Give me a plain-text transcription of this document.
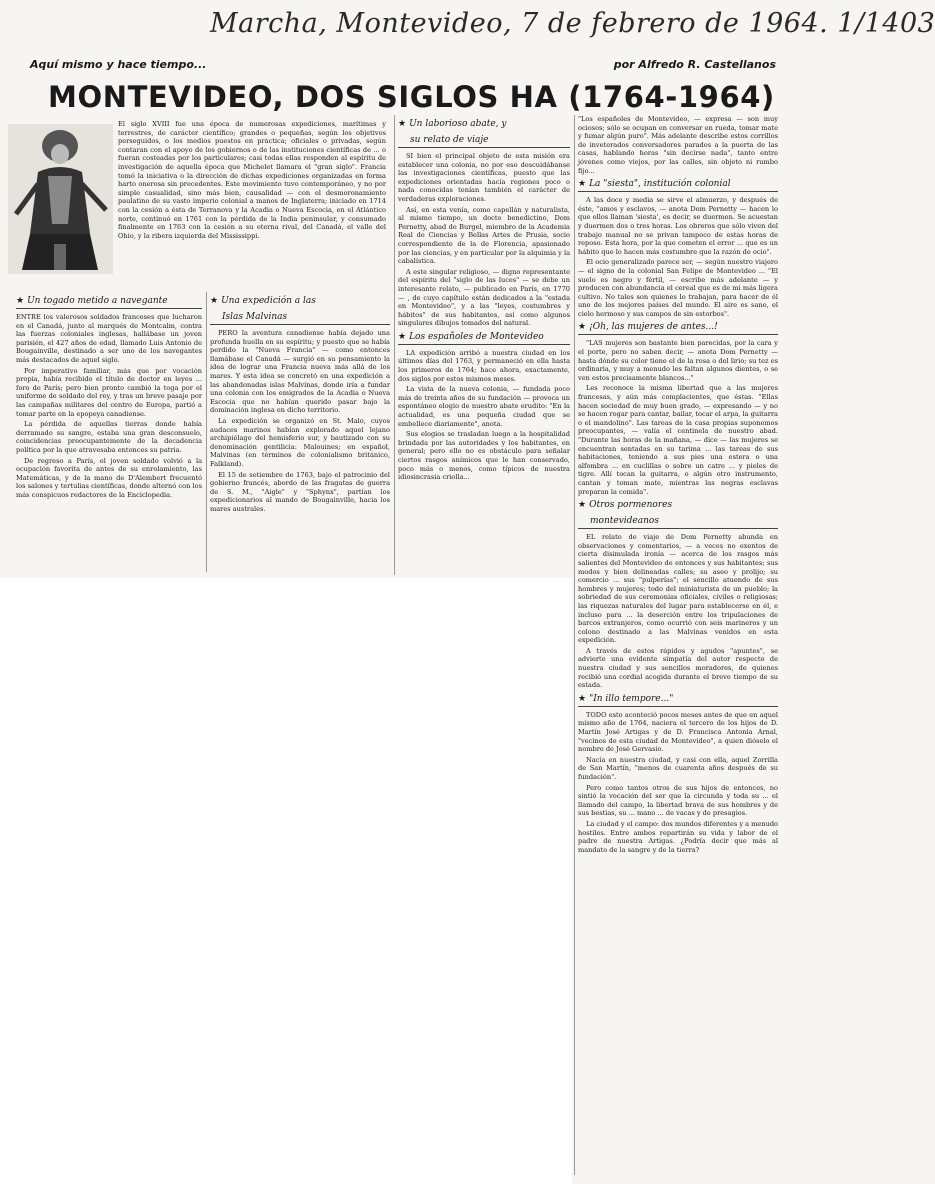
Marcha, Montevideo, 7 de febrero de 1964. 1/1403
Aquí mismo y hace tiempo...	por Alfredo R. Castellanos
MONTEVIDEO, DOS SIGLOS HA (1764-1964)
El siglo XVIII fue una época de numerosas expediciones, marítimas y terrestres, de carácter científico; grandes o pequeñas, según los objetivos perseguidos, o los medios puestos en práctica; oficiales o privadas, según contaran con el apoyo de los gobiernos o de las instituciones científicas de ... o fueran costeadas por los particulares; casi todas ellas responden al espíritu de investigación de aquella época que Michelet llamara el "gran siglo". Francia tomó la iniciativa o la dirección de dichas expediciones organizadas en forma harto onerosa sin precedentes. Este movimiento tuvo contemporáneo, y no por simple casualidad, sino más bien, causalidad — con el desmoronamiento paulatino de su vasto imperio colonial a manos de Inglaterra; iniciado en 1714 con la cesión a ésta de Terranova y la Acadia o Nueva Escocia, en el Atlántico norte, continuó en 1761 con la pérdida de la India peninsular, y consumado finalmente en 1763 con la cesión a su eterna rival, del Canadá, el valle del Ohio, y la ribera izquierda del Mississippi.
★ Un togado metido a navegante

ENTRE los valerosos soldados franceses que lucharon en el Canadá, junto al marqués de Montcalm, contra las fuerzas coloniales inglesas, hallábase un joven parisién, el 427 años de edad, llamado Luis Antonio de Bougainville, destinado a ser uno de los navegantes más destacados de aquel siglo.

Por imperativo familiar, más que por vocación propia, había recibido el título de doctor en leyes ... foro de París; pero bien pronto cambió la toga por el uniforme de soldado del rey, y tras un breve pasaje por las campañas militares del centro de Europa, partió a tomar parte en la epopeya canadiense.

La pérdida de aquellas tierras donde había derramado su sangre, estaba una gran desconsuelo, coincidencias preocupantemente de la decadencia política por la que atravesaba entonces su patria.

De regreso a París, el joven soldado volvió a la ocupación favorita de antes de su enrolamiento, las Matemáticas, y de la mano de D'Alembert frecuentó los salones y tertulias científicas, donde alternó con los más conspicuos redactores de la Enciclopedia.

★ Una expedición a las
Islas Malvinas

PERO la aventura canadiense había dejado una profunda huella en su espíritu; y puesto que se había perdido la "Nueva Francia" — como entonces llamábase el Canadá — surgió en su pensamiento la idea de lograr una Francia nueva más allá de los mares. Y esta idea se concretó en una expedición a las abandonadas islas Malvinas, donde iría a fundar una colonia con los emigrados de la Acadia o Nueva Escocia que no habían querido pasar bajo la dominación inglesa en dicho territorio.

La expedición se organizó en St. Malo, cuyos audaces marinos habían explorado aquel lejano archipiélago del hemisferio sur, y bautizado con su denominación gentilicia: Malouines; en español, Malvinas (en términos de colonialismo británico, Falkland).

El 15 de setiembre de 1763, bajo el patrocinio del gobierno francés, abordo de las fragatas de guerra de S. M., "Aigle" y "Sphynx", partían los expedicionarios al mando de Bougainville, hacia los mares australes.

★ Un laborioso abate, y
su relato de viaje

SI bien el principal objeto de esta misión era establecer una colonia, no por eso descuidábanse las investigaciones científicas, puesto que las expediciones orientadas hacia regiones poco o nada conocidas tenían también el carácter de verdaderas exploraciones.

Así, en esta venía, como capellán y naturalista, al mismo tiempo, un docto benedictino, Dom Pernetty, abad de Burgel, miembro de la Academia Real de Ciencias y Bellas Artes de Prusia, socio correspondiente de la de Florencia, apasionado por las ciencias, y en particular por la alquimia y la cabalística.

A este singular religioso, — digno representante del espíritu del "siglo de las luces" — se debe un interesante relato, — publicado en París, en 1770 — , de cuyo capítulo están dedicados a la "estada en Montevideo", y a las "leyes, costumbres y hábitos" de sus habitantes, así como algunos singulares dibujos tomados del natural.

★ Los españoles de Montevideo

LA expedición arribó a nuestra ciudad en los últimos días del 1763, y permaneció en ella hasta los primeros de 1764; hace ahora, exactamente, dos siglos por estos mismos meses.

La vista de la nueva colonia, — fundada poco más de treinta años de su fundación — provoca un espontáneo elogio de nuestro abate erudito: "En la actualidad, es una pequeña ciudad que se embellece diariamente", anota.

Sus elogios se trasladan luego a la hospitalidad brindada por las autoridades y los habitantes, en general; pero ello no es obstáculo para señalar ciertos rasgos anímicos que le han conservado, poco más o menos, como típicos de nuestra idiosincrasia criolla...

"Los españoles de Montevideo, — expresa — son muy ociosos; sólo se ocupan en conversar en rueda, tomar mate y fumar algún puro". Más adelante describe estos corrillos de inveterados conversadores parados a la puerta de las casas, hablando horas "sin decirse nada", tanto entre jóvenes como viejos, por las calles, sin objeto ni rumbo fijo...

★ La "siesta", institución colonial

A las doce y media se sirve el almuerzo, y después de éste, "amos y esclavos, — anota Dom Pernetty — hacen lo que ellos llaman 'siesta', es decir, se duermen. Se acuestan y duermen dos o tres horas. Los obreros que sólo viven del trabajo manual no se privan tampoco de estas horas de reposo. Esta hora, por la que cometen el error ... que es un hábito que lo hacen más costumbre que la razón de ocio".

El ocio generalizado parece ser, — según nuestro viajero — el signo de la colonial San Felipe de Montevideo ... "El suelo es negro y fértil, — escribe más adelante — y producen con abundancia el cereal que es de mi más ligera cultivo. No tales son quienes lo trabajan, para hacer de él uno de los mejores países del mundo. El aire es sano, el cielo hermoso y sus campos de sin estorbos".

★ ¡Oh, las mujeres de antes...!

"LAS mujeres son bastante bien parecidas, por la cara y el porte, pero no saben decir, — anota Dom Pernetty — hasta dónde su color tiene el de la rosa o del lirio; su tez es ordinaria, y muy a menudo les faltan algunos dientes, o se ven estos precisamente blancos..."

Les reconoce la misma libertad que a las mujeres francesas, y aún más complacientes, que éstas. "Ellas hacen sociedad de muy buen grado, — expresando — y no se hacen rogar para cantar, bailar, tocar el arpa, la guitarra o el mandolino". Las tareas de la casa propias suponemos preocupantes, — valía el centinela de nuestro abad. "Durante las horas de la mañana, — dice — las mujeres se encuentran sentadas en su tarima ... las tareas de sus habitaciones, teniendo a sus pies una estera o una alfombra ... en cuclillas o sobre un catre ... y pieles de tigre. Allí tocan la guitarra, o algún otro instrumento, cantan y toman mate, mientras las negras esclavas preparan la comida".

★ Otros pormenores
montevideanos

EL relato de viaje de Dom Pernetty abunda en observaciones y comentarios, — a veces no exentos de cierta disimulada ironía — acerca de los rasgos más salientes del Montevideo de entonces y sus habitantes; sus modos y bien delineadas calles; su aseo y prolijo; su comercio ... sus "pulperías"; el sencillo atuendo de sus hombres y mujeres; todo del miniaturista de un pueblo; la sobriedad de sus ceremonias oficiales, civiles o religiosas; las riquezas naturales del lugar para establecerse en él, e incluso para ... la deserción entre los tripulaciones de barcos extranjeros, como ocurrió con seis marineros y un colono destinado a las Malvinas venidos en esta expedición.

A través de estos rápidos y agudos "apuntes", se advierte una evidente simpatía del autor respecto de nuestra ciudad y sus sencillos moradores, de quienes recibió una cordial acogida durante el breve tiempo de su estada.

★ "In illo tempore..."

TODO esto aconteció pocos meses antes de que en aquel mismo año de 1764, naciera el tercero de los hijos de D. Martín José Artigas y de D. Francisca Antonia Arnal, "vecinos de esta ciudad de Montevideo", a quien dióselo el nombre de José Gervasio.

Nacía en nuestra ciudad, y casi con ella, aquel Zorrilla de San Martín, "menos de cuarenta años después de su fundación".

Pero como tantos otros de sus hijos de entonces, no sintió la vocación del ser que la circunda y toda su ... el llamado del campo, la libertad brava de sus hombres y de sus bestias, su ... mano ... de vacas y de presagios.

La ciudad y el campo: dos mundos diferentes y a menudo hostiles. Entre ambos repartirán su vida y labor de el padre de nuestra Artigas. ¿Podría decir que más al mandato de la sangre y de la tierra?
